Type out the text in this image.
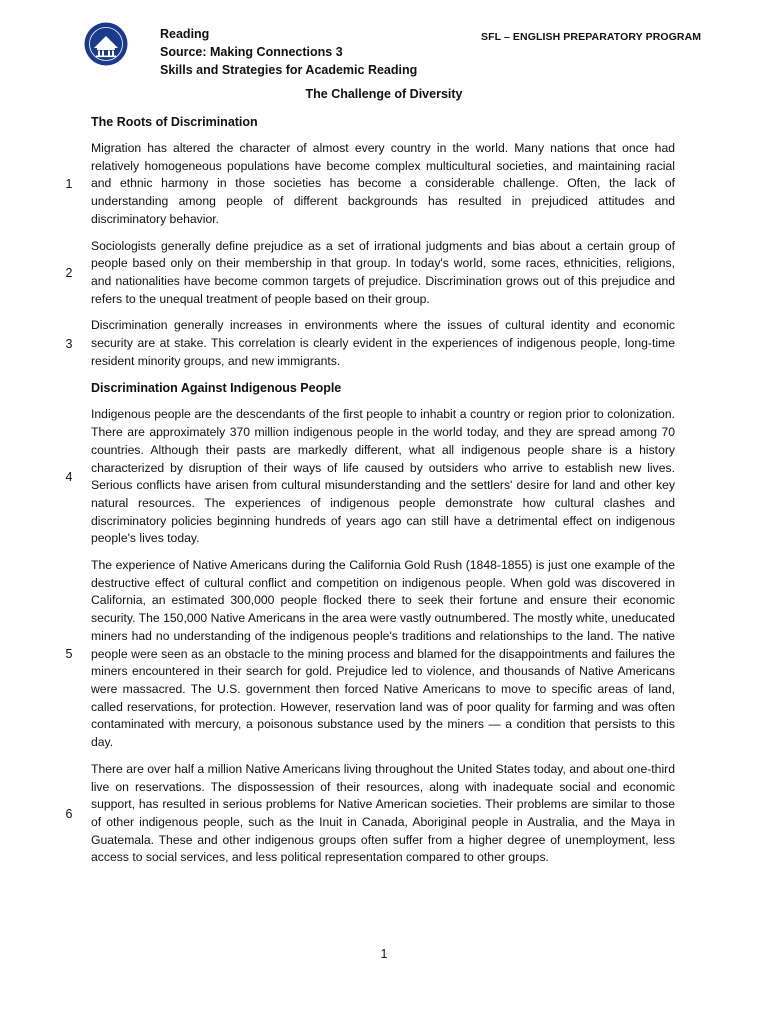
Reading
Source: Making Connections 3
Skills and Strategies for Academic Reading
SFL – ENGLISH PREPARATORY PROGRAM
The Challenge of Diversity
The Roots of Discrimination
1

Migration has altered the character of almost every country in the world. Many nations that once had relatively homogeneous populations have become complex multicultural societies, and maintaining racial and ethnic harmony in those societies has become a considerable challenge. Often, the lack of understanding among people of different backgrounds has resulted in prejudiced attitudes and discriminatory behavior.

2

Sociologists generally define prejudice as a set of irrational judgments and bias about a certain group of people based only on their membership in that group. In today's world, some races, ethnicities, religions, and nationalities have become common targets of prejudice. Discrimination grows out of this prejudice and refers to the unequal treatment of people based on their group.

3

Discrimination generally increases in environments where the issues of cultural identity and economic security are at stake. This correlation is clearly evident in the experiences of indigenous people, long-time resident minority groups, and new immigrants.

Discrimination Against Indigenous People
4

Indigenous people are the descendants of the first people to inhabit a country or region prior to colonization. There are approximately 370 million indigenous people in the world today, and they are spread among 70 countries. Although their pasts are markedly different, what all indigenous people share is a history characterized by disruption of their ways of life caused by outsiders who arrive to establish new lives. Serious conflicts have arisen from cultural misunderstanding and the settlers' desire for land and other key natural resources. The experiences of indigenous people demonstrate how cultural clashes and discriminatory policies beginning hundreds of years ago can still have a detrimental effect on indigenous people's lives today.

5

The experience of Native Americans during the California Gold Rush (1848-1855) is just one example of the destructive effect of cultural conflict and competition on indigenous people. When gold was discovered in California, an estimated 300,000 people flocked there to seek their fortune and ensure their economic security. The 150,000 Native Americans in the area were vastly outnumbered. The mostly white, uneducated miners had no understanding of the indigenous people's traditions and relationships to the land. The native people were seen as an obstacle to the mining process and blamed for the disappointments and failures the miners encountered in their search for gold. Prejudice led to violence, and thousands of Native Americans were massacred. The U.S. government then forced Native Americans to move to specific areas of land, called reservations, for protection. However, reservation land was of poor quality for farming and was often contaminated with mercury, a poisonous substance used by the miners — a condition that persists to this day.

6

There are over half a million Native Americans living throughout the United States today, and about one-third live on reservations. The dispossession of their resources, along with inadequate social and economic support, has resulted in serious problems for Native American societies. Their problems are similar to those of other indigenous people, such as the Inuit in Canada, Aboriginal people in Australia, and the Maya in Guatemala. These and other indigenous groups often suffer from a higher degree of unemployment, less access to social services, and less political representation compared to other groups.

1
